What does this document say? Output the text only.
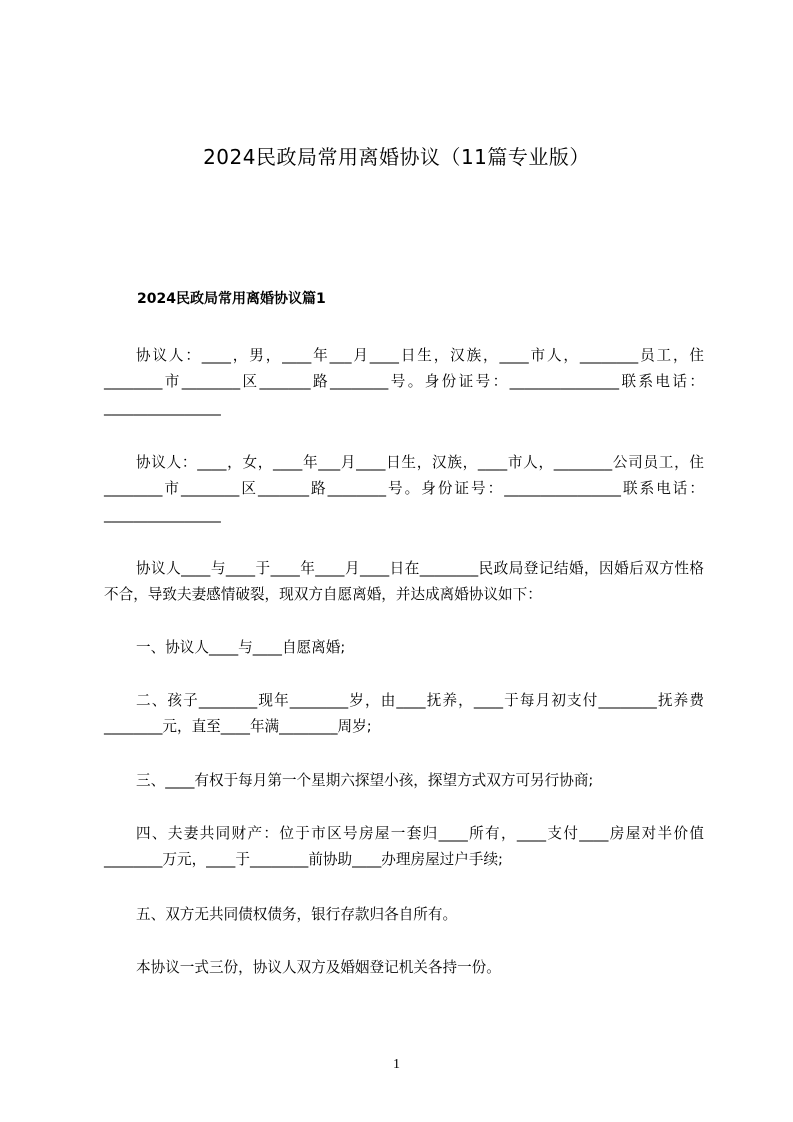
2024民政局常用离婚协议（11篇专业版）
2024民政局常用离婚协议篇1
协议人：____，男，____年___月____日生，汉族，____市人，________员工，住________市________区_______路________号。身份证号：_______________联系电话：________________
协议人：____，女，____年___月____日生，汉族，____市人，________公司员工，住________市________区_______路________号。身份证号：________________联系电话：________________
协议人____与____于____年____月____日在________民政局登记结婚，因婚后双方性格不合，导致夫妻感情破裂，现双方自愿离婚，并达成离婚协议如下：
一、协议人____与____自愿离婚;
二、孩子________现年________岁，由____抚养，____于每月初支付________抚养费________元，直至____年满________周岁;
三、____有权于每月第一个星期六探望小孩，探望方式双方可另行协商;
四、夫妻共同财产：位于市区号房屋一套归____所有，____支付____房屋对半价值________万元，____于________前协助____办理房屋过户手续;
五、双方无共同债权债务，银行存款归各自所有。
本协议一式三份，协议人双方及婚姻登记机关各持一份。
1
